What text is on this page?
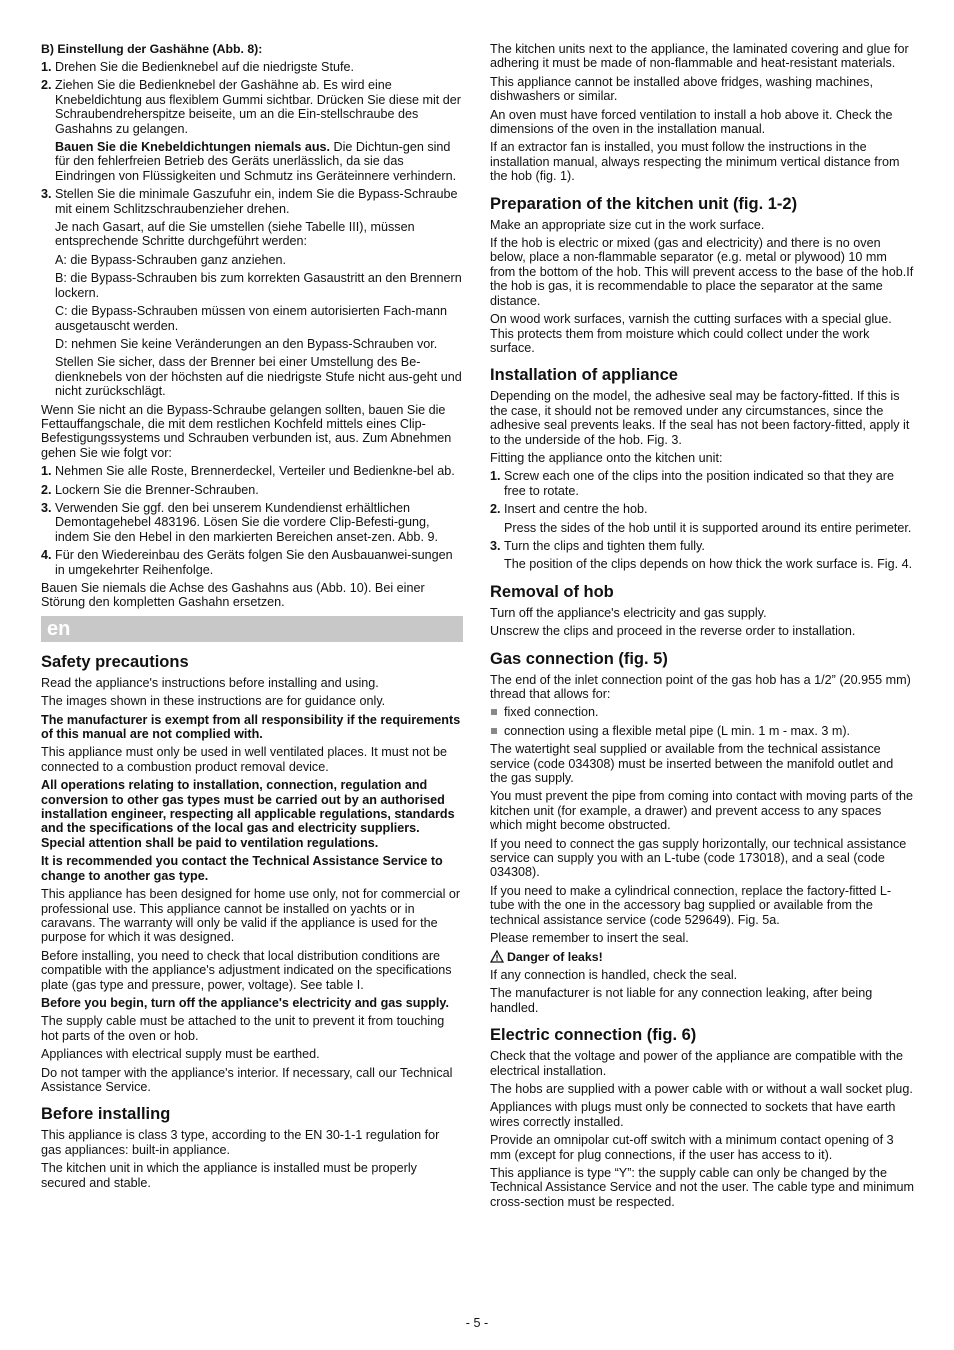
B) Einstellung der Gashähne (Abb. 8):

1. Drehen Sie die Bedienknebel auf die niedrigste Stufe.

2. Ziehen Sie die Bedienknebel der Gashähne ab. Es wird eine Knebeldichtung aus flexiblem Gummi sichtbar. Drücken Sie diese mit der Schraubendreherspitze beiseite, um an die Ein-stellschraube des Gashahns zu gelangen.

Bauen Sie die Knebeldichtungen niemals aus. Die Dichtun-gen sind für den fehlerfreien Betrieb des Geräts unerlässlich, da sie das Eindringen von Flüssigkeiten und Schmutz ins Geräteinnere verhindern.

3. Stellen Sie die minimale Gaszufuhr ein, indem Sie die Bypass-Schraube mit einem Schlitzschraubenzieher drehen.

Je nach Gasart, auf die Sie umstellen (siehe Tabelle III), müssen entsprechende Schritte durchgeführt werden:

A: die Bypass-Schrauben ganz anziehen.

B: die Bypass-Schrauben bis zum korrekten Gasaustritt an den Brennern lockern.

C: die Bypass-Schrauben müssen von einem autorisierten Fach-mann ausgetauscht werden.

D: nehmen Sie keine Veränderungen an den Bypass-Schrauben vor.

Stellen Sie sicher, dass der Brenner bei einer Umstellung des Be-dienknebels von der höchsten auf die niedrigste Stufe nicht aus-geht und nicht zurückschlägt.

Wenn Sie nicht an die Bypass-Schraube gelangen sollten, bauen Sie die Fettauffangschale, die mit dem restlichen Kochfeld mittels eines Clip-Befestigungssystems und Schrauben verbunden ist, aus. Zum Abnehmen gehen Sie wie folgt vor:

1. Nehmen Sie alle Roste, Brennerdeckel, Verteiler und Bedienkne-bel ab.

2. Lockern Sie die Brenner-Schrauben.

3. Verwenden Sie ggf. den bei unserem Kundendienst erhältlichen Demontagehebel 483196. Lösen Sie die vordere Clip-Befesti-gung, indem Sie den Hebel in den markierten Bereichen anset-zen. Abb. 9.

4. Für den Wiedereinbau des Geräts folgen Sie den Ausbauanwei-sungen in umgekehrter Reihenfolge.

Bauen Sie niemals die Achse des Gashahns aus (Abb. 10). Bei einer Störung den kompletten Gashahn ersetzen.

en
Safety precautions

Read the appliance's instructions before installing and using.

The images shown in these instructions are for guidance only.

The manufacturer is exempt from all responsibility if the requirements of this manual are not complied with.

This appliance must only be used in well ventilated places. It must not be connected to a combustion product removal device.

All operations relating to installation, connection, regulation and conversion to other gas types must be carried out by an authorised installation engineer, respecting all applicable regulations, standards and the specifications of the local gas and electricity suppliers. Special attention shall be paid to ventilation regulations.

It is recommended you contact the Technical Assistance Service to change to another gas type.

This appliance has been designed for home use only, not for commercial or professional use. This appliance cannot be installed on yachts or in caravans. The warranty will only be valid if the appliance is used for the purpose for which it was designed.

Before installing, you need to check that local distribution conditions are compatible with the appliance's adjustment indicated on the specifications plate (gas type and pressure, power, voltage). See table I.

Before you begin, turn off the appliance's electricity and gas supply.

The supply cable must be attached to the unit to prevent it from touching hot parts of the oven or hob.

Appliances with electrical supply must be earthed.

Do not tamper with the appliance's interior. If necessary, call our Technical Assistance Service.

Before installing

This appliance is class 3 type, according to the EN 30-1-1 regulation for gas appliances: built-in appliance.

The kitchen unit in which the appliance is installed must be properly secured and stable.

The kitchen units next to the appliance, the laminated covering and glue for adhering it must be made of non-flammable and heat-resistant materials.

This appliance cannot be installed above fridges, washing machines, dishwashers or similar.

An oven must have forced ventilation to install a hob above it. Check the dimensions of the oven in the installation manual.

If an extractor fan is installed, you must follow the instructions in the installation manual, always respecting the minimum vertical distance from the hob (fig. 1).

Preparation of the kitchen unit (fig. 1-2)

Make an appropriate size cut in the work surface.

If the hob is electric or mixed (gas and electricity) and there is no oven below, place a non-flammable separator (e.g. metal or plywood) 10 mm from the bottom of the hob. This will prevent access to the base of the hob.If the hob is gas, it is recommendable to place the separator at the same distance.

On wood work surfaces, varnish the cutting surfaces with a special glue. This protects them from moisture which could collect under the work surface.

Installation of appliance

Depending on the model, the adhesive seal may be factory-fitted. If this is the case, it should not be removed under any circumstances, since the adhesive seal prevents leaks. If the seal has not been factory-fitted, apply it to the underside of the hob. Fig. 3.

Fitting the appliance onto the kitchen unit:

1. Screw each one of the clips into the position indicated so that they are free to rotate.

2. Insert and centre the hob.

Press the sides of the hob until it is supported around its entire perimeter.

3. Turn the clips and tighten them fully.

The position of the clips depends on how thick the work surface is. Fig. 4.

Removal of hob

Turn off the appliance's electricity and gas supply.

Unscrew the clips and proceed in the reverse order to installation.

Gas connection (fig. 5)

The end of the inlet connection point of the gas hob has a 1/2” (20.955 mm) thread that allows for:

fixed connection.

connection using a flexible metal pipe (L min. 1 m - max. 3 m).

The watertight seal supplied or available from the technical assistance service (code 034308) must be inserted between the manifold outlet and the gas supply.

You must prevent the pipe from coming into contact with moving parts of the kitchen unit (for example, a drawer) and prevent access to any spaces which might become obstructed.

If you need to connect the gas supply horizontally, our technical assistance service can supply you with an L-tube (code 173018), and a seal (code 034308).

If you need to make a cylindrical connection, replace the factory-fitted L-tube with the one in the accessory bag supplied or available from the technical assistance service (code 529649). Fig. 5a.

Please remember to insert the seal.

Danger of leaks!

If any connection is handled, check the seal.

The manufacturer is not liable for any connection leaking, after being handled.

Electric connection (fig. 6)

Check that the voltage and power of the appliance are compatible with the electrical installation.

The hobs are supplied with a power cable with or without a wall socket plug.

Appliances with plugs must only be connected to sockets that have earth wires correctly installed.

Provide an omnipolar cut-off switch with a minimum contact opening of 3 mm (except for plug connections, if the user has access to it).

This appliance is type “Y”: the supply cable can only be changed by the Technical Assistance Service and not the user. The cable type and minimum cross-section must be respected.

- 5 -
